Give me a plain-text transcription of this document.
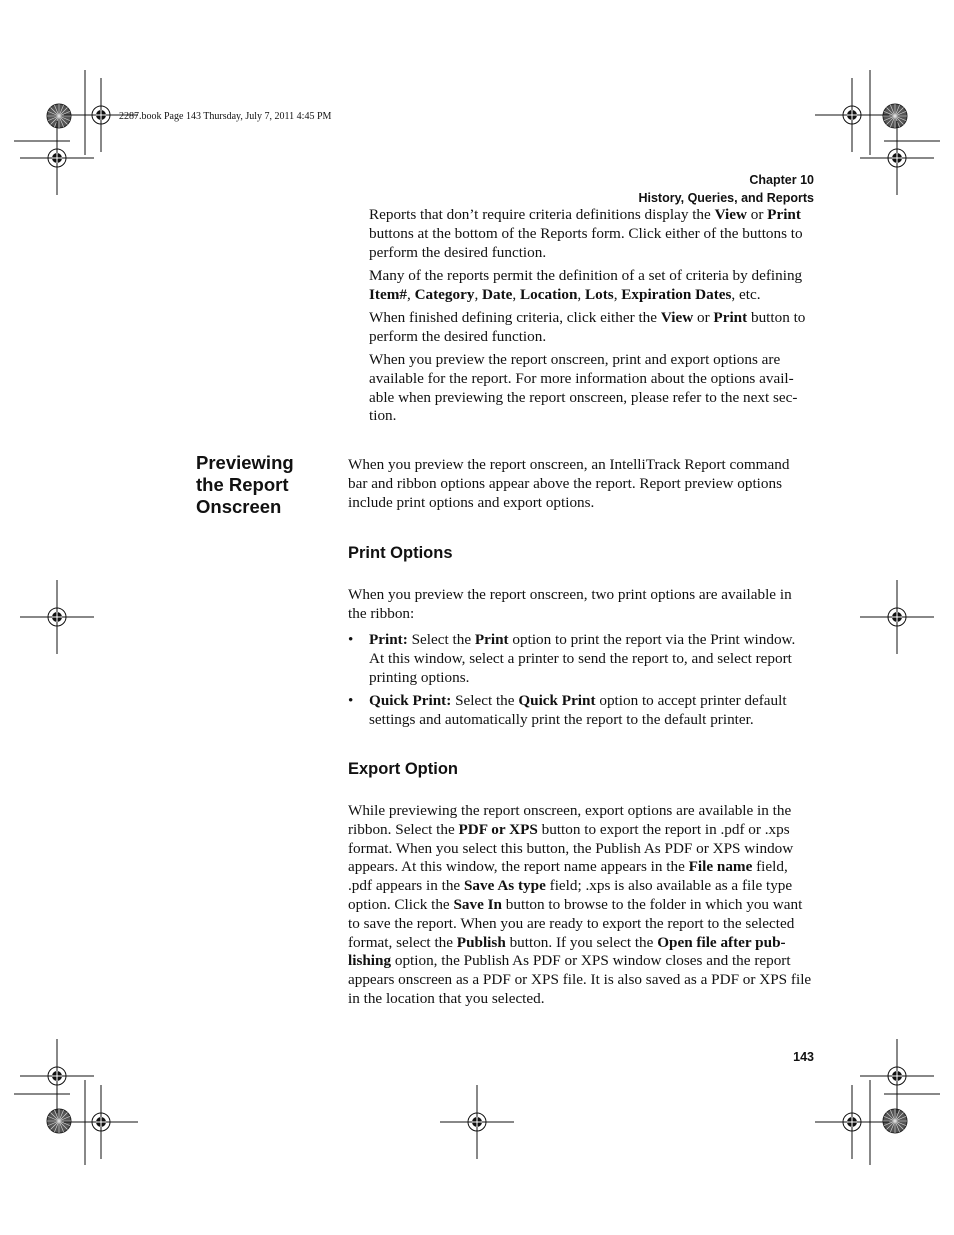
2287.book Page 143 Thursday, July 7, 2011 4:45 PM
Chapter 10
History, Queries, and Reports

Reports that don’t require criteria definitions display the View or Print buttons at the bottom of the Reports form. Click either of the buttons to perform the desired function.

Many of the reports permit the definition of a set of criteria by defining Item#, Category, Date, Location, Lots, Expiration Dates, etc.

When finished defining criteria, click either the View or Print button to perform the desired function.

When you preview the report onscreen, print and export options are available for the report. For more information about the options avail-able when previewing the report onscreen, please refer to the next sec-tion.

Previewing
the Report
Onscreen

When you preview the report onscreen, an IntelliTrack Report command bar and ribbon options appear above the report. Report preview options include print options and export options.

Print Options

When you preview the report onscreen, two print options are available in the ribbon:

• Print: Select the Print option to print the report via the Print window. At this window, select a printer to send the report to, and select report printing options.
• Quick Print: Select the Quick Print option to accept printer default settings and automatically print the report to the default printer.
Export Option

While previewing the report onscreen, export options are available in the ribbon. Select the PDF or XPS button to export the report in .pdf or .xps format. When you select this button, the Publish As PDF or XPS window appears. At this window, the report name appears in the File name field, .pdf appears in the Save As type field; .xps is also available as a file type option. Click the Save In button to browse to the folder in which you want to save the report. When you are ready to export the report to the selected format, select the Publish button. If you select the Open file after pub-lishing option, the Publish As PDF or XPS window closes and the report appears onscreen as a PDF or XPS file. It is also saved as a PDF or XPS file in the location that you selected.

143
